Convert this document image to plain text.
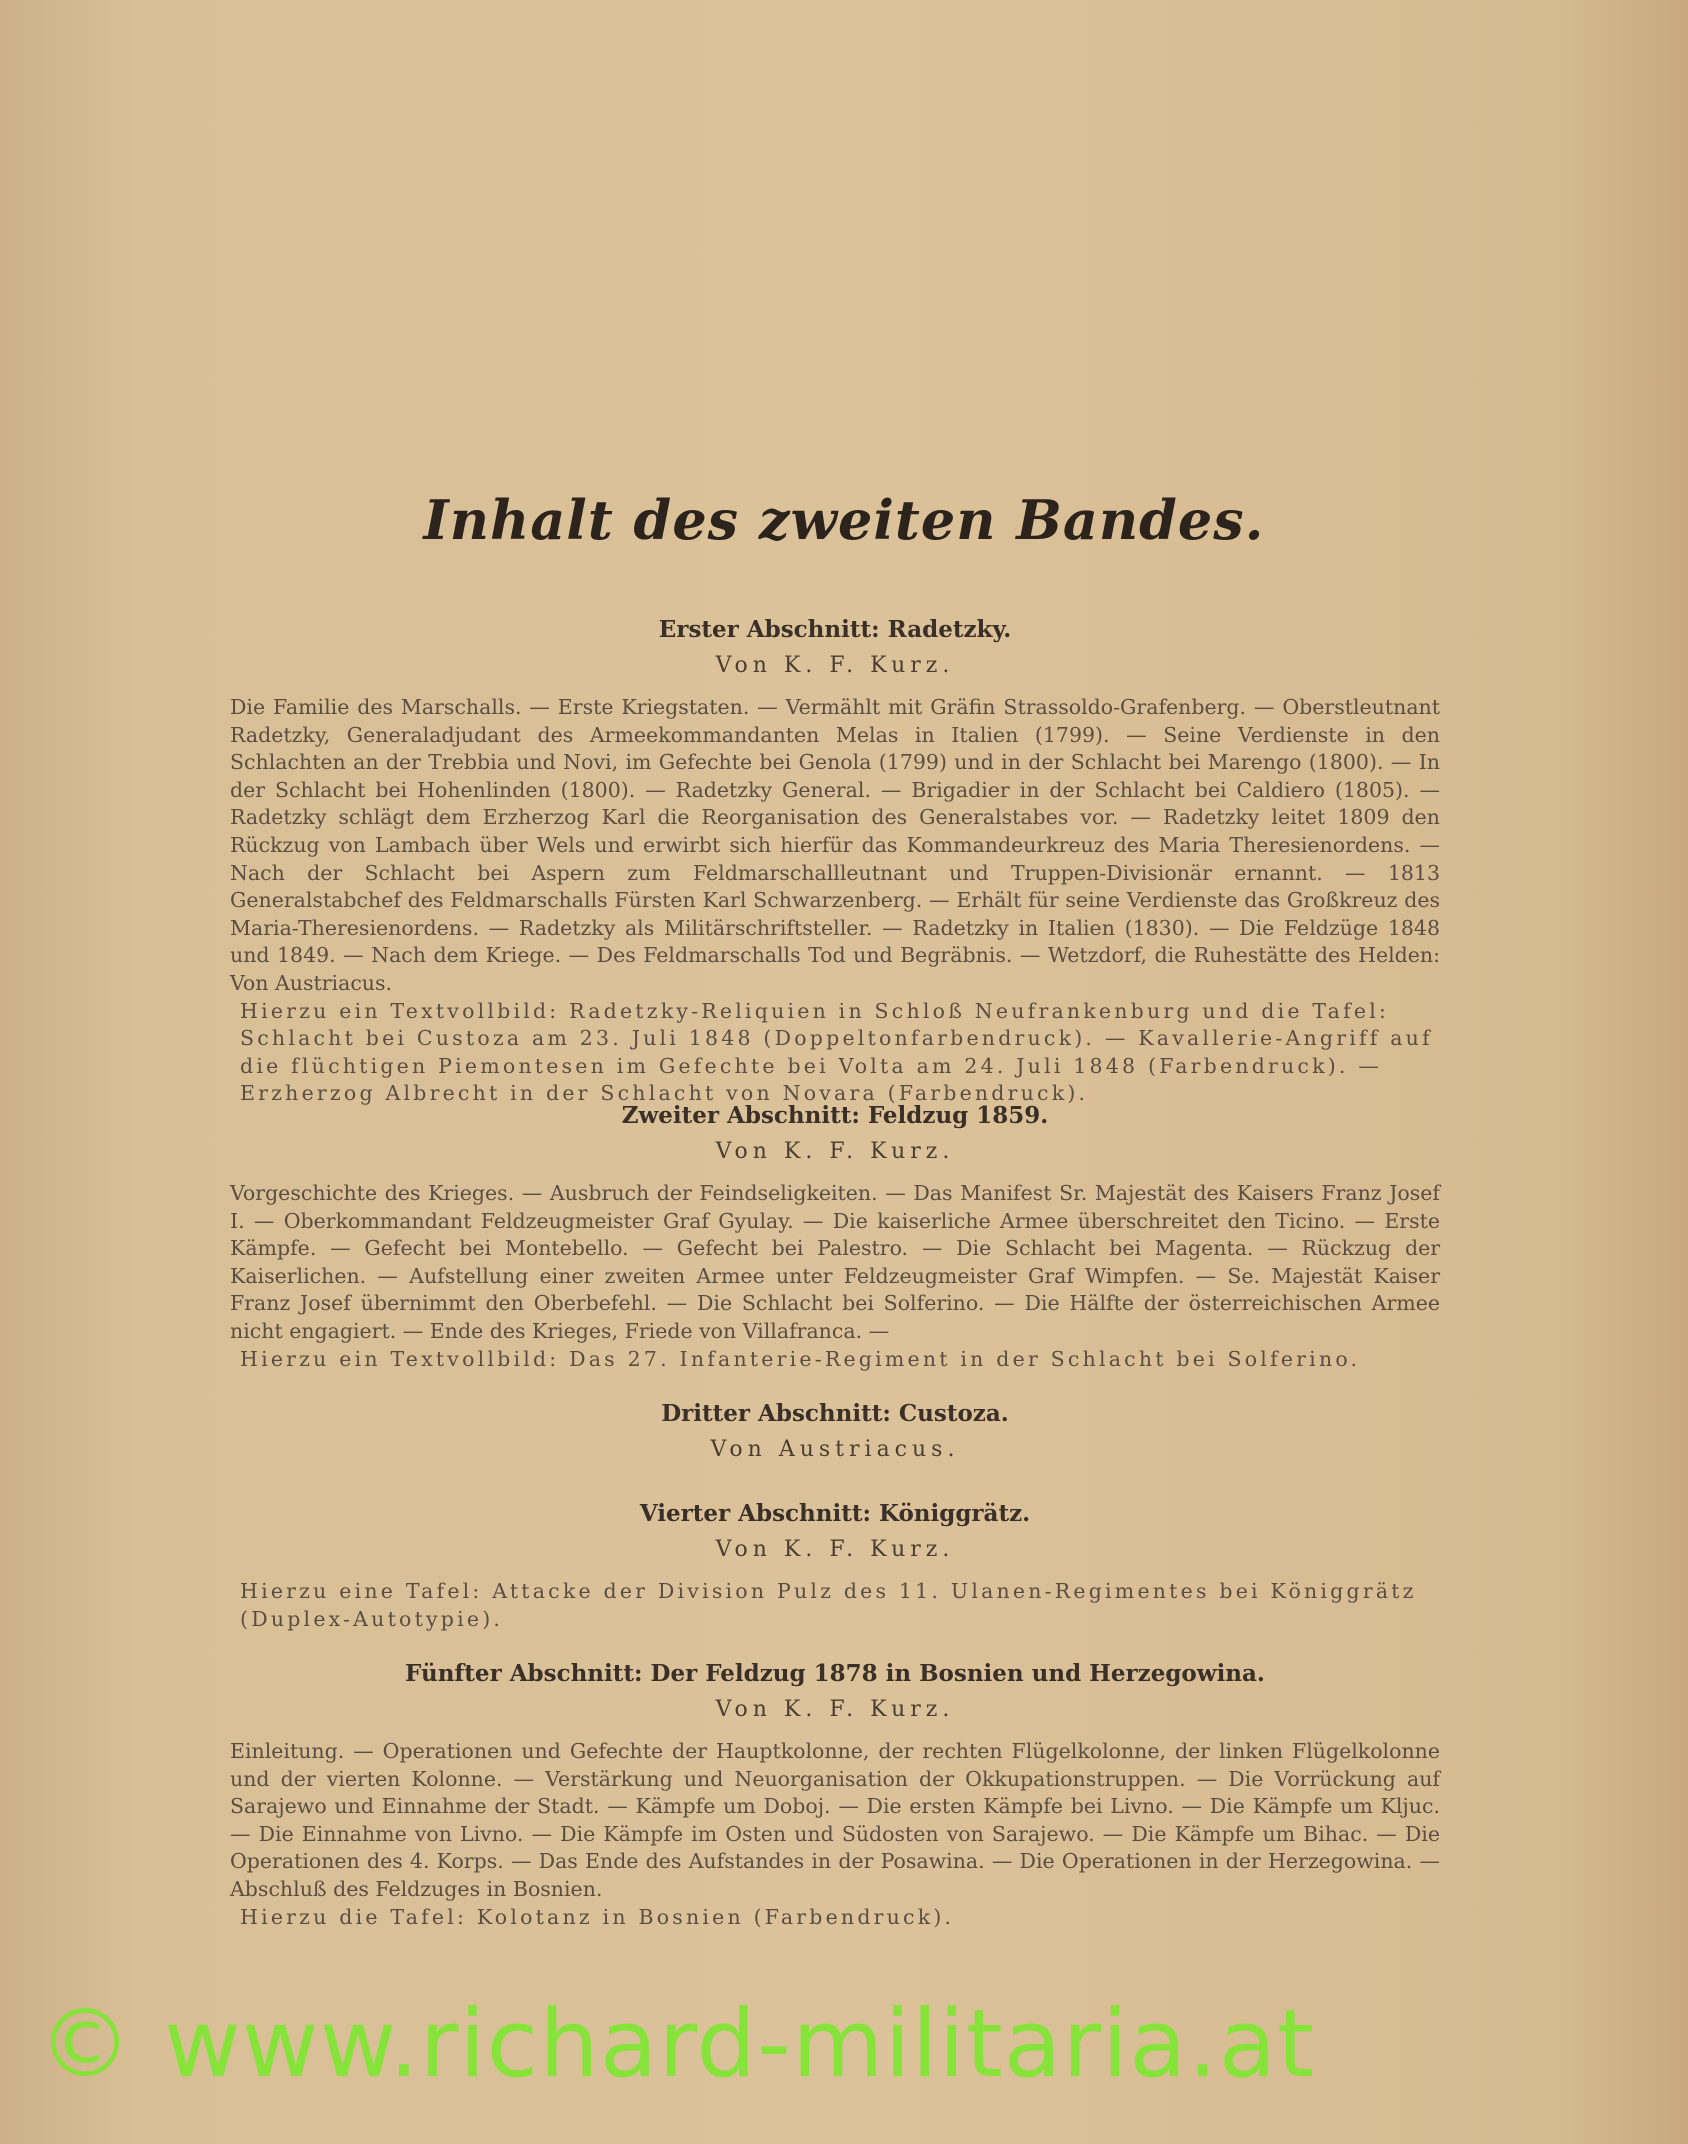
Inhalt des zweiten Bandes.
Erster Abschnitt: Radetzky.
Von K. F. Kurz.

Die Familie des Marschalls. — Erste Kriegstaten. — Vermählt mit Gräfin Strassoldo-Grafenberg. — Oberstleutnant Radetzky, Generaladjudant des Armeekommandanten Melas in Italien (1799). — Seine Verdienste in den Schlachten an der Trebbia und Novi, im Gefechte bei Genola (1799) und in der Schlacht bei Marengo (1800). — In der Schlacht bei Hohenlinden (1800). — Radetzky General. — Brigadier in der Schlacht bei Caldiero (1805). — Radetzky schlägt dem Erzherzog Karl die Reorganisation des Generalstabes vor. — Radetzky leitet 1809 den Rückzug von Lambach über Wels und erwirbt sich hierfür das Kommandeurkreuz des Maria Theresienordens. — Nach der Schlacht bei Aspern zum Feldmarschallleutnant und Truppen-Divisionär ernannt. — 1813 Generalstabchef des Feldmarschalls Fürsten Karl Schwarzenberg. — Erhält für seine Verdienste das Großkreuz des Maria-Theresienordens. — Radetzky als Militärschriftsteller. — Radetzky in Italien (1830). — Die Feldzüge 1848 und 1849. — Nach dem Kriege. — Des Feldmarschalls Tod und Begräbnis. — Wetzdorf, die Ruhestätte des Helden: Von Austriacus.

Hierzu ein Textvollbild: Radetzky-Reliquien in Schloß Neufrankenburg und die Tafel: Schlacht bei Custoza am 23. Juli 1848 (Doppeltonfarbendruck). — Kavallerie-Angriff auf die flüchtigen Piemontesen im Gefechte bei Volta am 24. Juli 1848 (Farbendruck). — Erzherzog Albrecht in der Schlacht von Novara (Farbendruck).

Zweiter Abschnitt: Feldzug 1859.
Von K. F. Kurz.

Vorgeschichte des Krieges. — Ausbruch der Feindseligkeiten. — Das Manifest Sr. Majestät des Kaisers Franz Josef I. — Oberkommandant Feldzeugmeister Graf Gyulay. — Die kaiserliche Armee überschreitet den Ticino. — Erste Kämpfe. — Gefecht bei Montebello. — Gefecht bei Palestro. — Die Schlacht bei Magenta. — Rückzug der Kaiserlichen. — Aufstellung einer zweiten Armee unter Feldzeugmeister Graf Wimpfen. — Se. Majestät Kaiser Franz Josef übernimmt den Oberbefehl. — Die Schlacht bei Solferino. — Die Hälfte der österreichischen Armee nicht engagiert. — Ende des Krieges, Friede von Villafranca. —

Hierzu ein Textvollbild: Das 27. Infanterie-Regiment in der Schlacht bei Solferino.

Dritter Abschnitt: Custoza.
Von Austriacus.
Vierter Abschnitt: Königgrätz.
Von K. F. Kurz.

Hierzu eine Tafel: Attacke der Division Pulz des 11. Ulanen-Regimentes bei Königgrätz (Duplex-Autotypie).

Fünfter Abschnitt: Der Feldzug 1878 in Bosnien und Herzegowina.
Von K. F. Kurz.

Einleitung. — Operationen und Gefechte der Hauptkolonne, der rechten Flügelkolonne, der linken Flügelkolonne und der vierten Kolonne. — Verstärkung und Neuorganisation der Okkupationstruppen. — Die Vorrückung auf Sarajewo und Einnahme der Stadt. — Kämpfe um Doboj. — Die ersten Kämpfe bei Livno. — Die Kämpfe um Kljuc. — Die Einnahme von Livno. — Die Kämpfe im Osten und Südosten von Sarajewo. — Die Kämpfe um Bihac. — Die Operationen des 4. Korps. — Das Ende des Aufstandes in der Posawina. — Die Operationen in der Herzegowina. — Abschluß des Feldzuges in Bosnien.

Hierzu die Tafel: Kolotanz in Bosnien (Farbendruck).

© www.richard-militaria.at
